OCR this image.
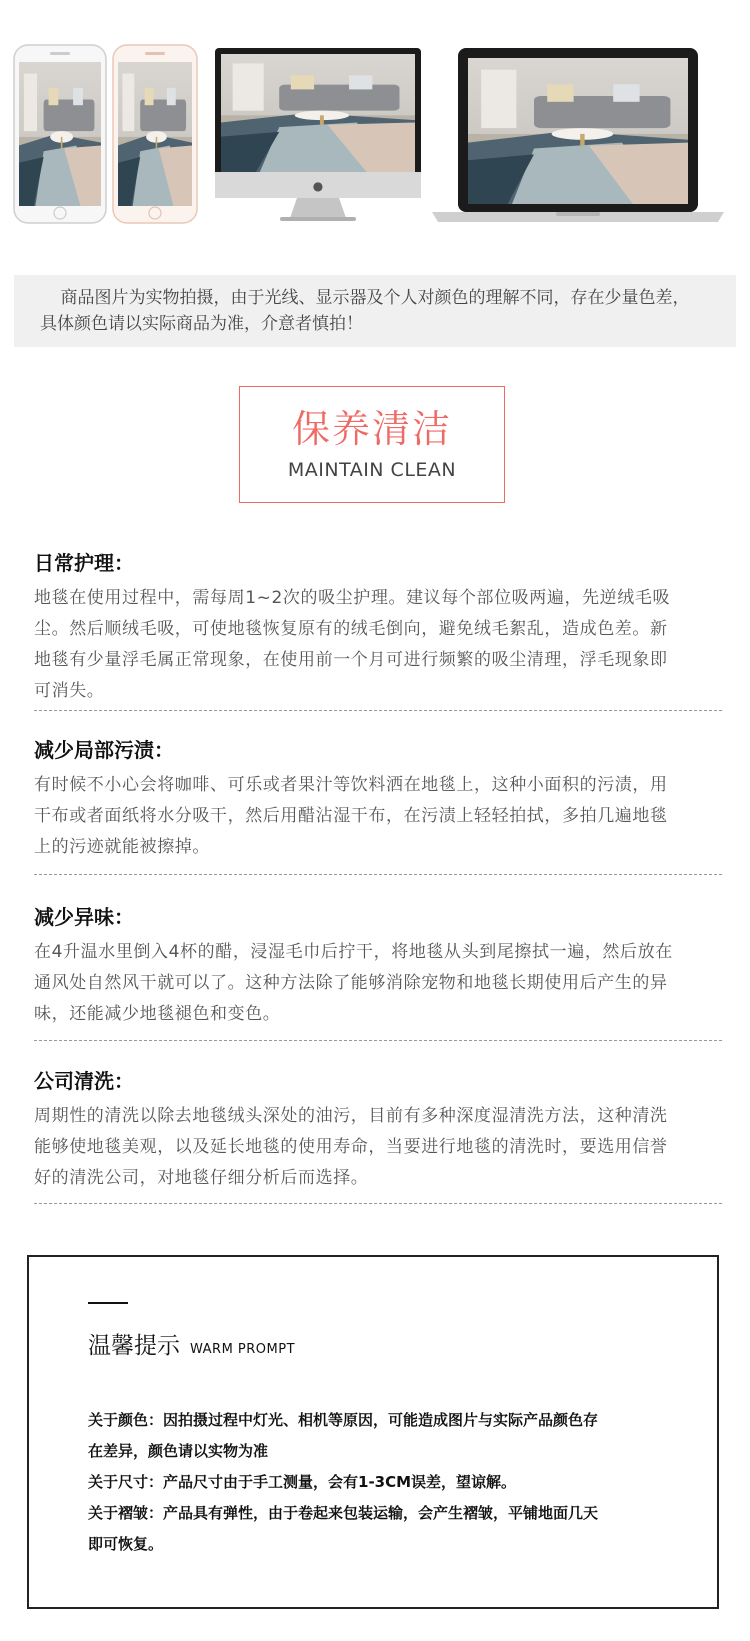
●
商品图片为实物拍摄，由于光线、显示器及个人对颜色的理解不同，存在少量色差，
具体颜色请以实际商品为准，介意者慎拍！
保养清洁
MAINTAIN CLEAN
日常护理：

地毯在使用过程中，需每周1~2次的吸尘护理。建议每个部位吸两遍，先逆绒毛吸
尘。然后顺绒毛吸，可使地毯恢复原有的绒毛倒向，避免绒毛絮乱，造成色差。新
地毯有少量浮毛属正常现象，在使用前一个月可进行频繁的吸尘清理，浮毛现象即
可消失。

减少局部污渍：

有时候不小心会将咖啡、可乐或者果汁等饮料洒在地毯上，这种小面积的污渍，用
干布或者面纸将水分吸干，然后用醋沾湿干布，在污渍上轻轻拍拭，多拍几遍地毯
上的污迹就能被擦掉。

减少异味：

在4升温水里倒入4杯的醋，浸湿毛巾后拧干，将地毯从头到尾擦拭一遍，然后放在
通风处自然风干就可以了。这种方法除了能够消除宠物和地毯长期使用后产生的异
味，还能减少地毯褪色和变色。

公司清洗：

周期性的清洗以除去地毯绒头深处的油污，目前有多种深度湿清洗方法，这种清洗
能够使地毯美观，以及延长地毯的使用寿命，当要进行地毯的清洗时，要选用信誉
好的清洗公司，对地毯仔细分析后而选择。

温馨提示 WARM PROMPT
关于颜色：因拍摄过程中灯光、相机等原因，可能造成图片与实际产品颜色存
在差异，颜色请以实物为准
关于尺寸：产品尺寸由于手工测量，会有1-3CM误差，望谅解。
关于褶皱：产品具有弹性，由于卷起来包装运输，会产生褶皱，平铺地面几天
即可恢复。
